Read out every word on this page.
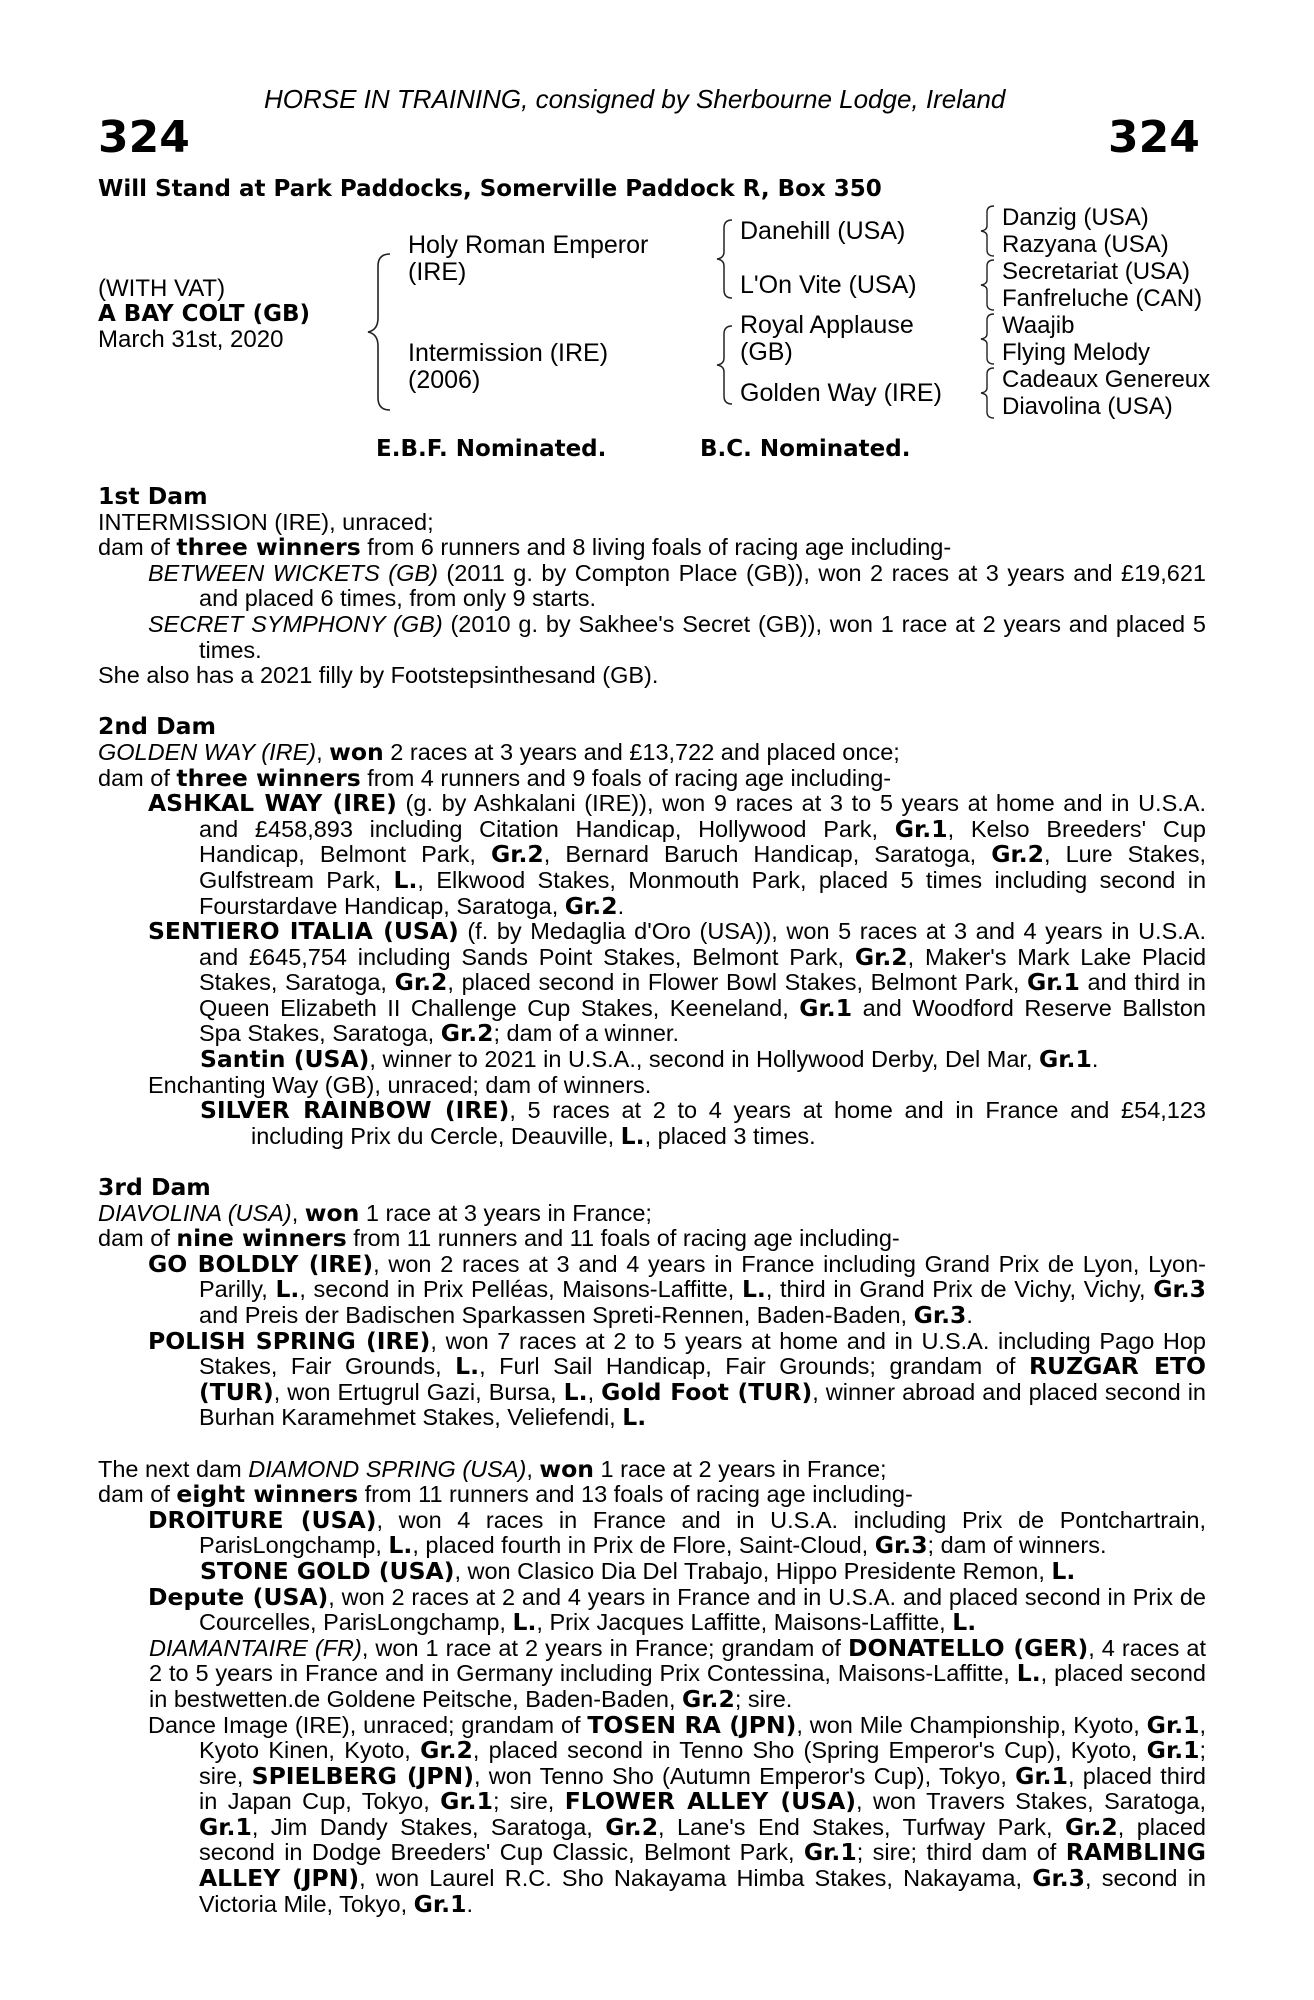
HORSE IN TRAINING, consigned by Sherbourne Lodge, Ireland
324	324
Will Stand at Park Paddocks, Somerville Paddock R, Box 350
(WITH VAT)
A BAY COLT (GB)
March 31st, 2020
Holy Roman Emperor
(IRE)
Intermission (IRE)
(2006)
Danehill (USA)
L'On Vite (USA)
Royal Applause
(GB)
Golden Way (IRE)
Danzig (USA)
Razyana (USA)
Secretariat (USA)
Fanfreluche (CAN)
Waajib
Flying Melody
Cadeaux Genereux
Diavolina (USA)
E.B.F. Nominated.	B.C. Nominated.

1st Dam

INTERMISSION (IRE), unraced;

dam of three winners from 6 runners and 8 living foals of racing age including-

BETWEEN WICKETS (GB) (2011 g. by Compton Place (GB)), won 2 races at 3 years and £19,621 and placed 6 times, from only 9 starts.

SECRET SYMPHONY (GB) (2010 g. by Sakhee's Secret (GB)), won 1 race at 2 years and placed 5 times.

She also has a 2021 filly by Footstepsinthesand (GB).

2nd Dam

GOLDEN WAY (IRE), won 2 races at 3 years and £13,722 and placed once;

dam of three winners from 4 runners and 9 foals of racing age including-

ASHKAL WAY (IRE) (g. by Ashkalani (IRE)), won 9 races at 3 to 5 years at home and in U.S.A. and £458,893 including Citation Handicap, Hollywood Park, Gr.1, Kelso Breeders' Cup Handicap, Belmont Park, Gr.2, Bernard Baruch Handicap, Saratoga, Gr.2, Lure Stakes, Gulfstream Park, L., Elkwood Stakes, Monmouth Park, placed 5 times including second in Fourstardave Handicap, Saratoga, Gr.2.

SENTIERO ITALIA (USA) (f. by Medaglia d'Oro (USA)), won 5 races at 3 and 4 years in U.S.A. and £645,754 including Sands Point Stakes, Belmont Park, Gr.2, Maker's Mark Lake Placid Stakes, Saratoga, Gr.2, placed second in Flower Bowl Stakes, Belmont Park, Gr.1 and third in Queen Elizabeth II Challenge Cup Stakes, Keeneland, Gr.1 and Woodford Reserve Ballston Spa Stakes, Saratoga, Gr.2; dam of a winner.

Santin (USA), winner to 2021 in U.S.A., second in Hollywood Derby, Del Mar, Gr.1.

Enchanting Way (GB), unraced; dam of winners.

SILVER RAINBOW (IRE), 5 races at 2 to 4 years at home and in France and £54,123 including Prix du Cercle, Deauville, L., placed 3 times.

3rd Dam

DIAVOLINA (USA), won 1 race at 3 years in France;

dam of nine winners from 11 runners and 11 foals of racing age including-

GO BOLDLY (IRE), won 2 races at 3 and 4 years in France including Grand Prix de Lyon, Lyon-Parilly, L., second in Prix Pelléas, Maisons-Laffitte, L., third in Grand Prix de Vichy, Vichy, Gr.3 and Preis der Badischen Sparkassen Spreti-Rennen, Baden-Baden, Gr.3.

POLISH SPRING (IRE), won 7 races at 2 to 5 years at home and in U.S.A. including Pago Hop Stakes, Fair Grounds, L., Furl Sail Handicap, Fair Grounds; grandam of RUZGAR ETO (TUR), won Ertugrul Gazi, Bursa, L., Gold Foot (TUR), winner abroad and placed second in Burhan Karamehmet Stakes, Veliefendi, L.

The next dam DIAMOND SPRING (USA), won 1 race at 2 years in France;

dam of eight winners from 11 runners and 13 foals of racing age including-

DROITURE (USA), won 4 races in France and in U.S.A. including Prix de Pontchartrain, ParisLongchamp, L., placed fourth in Prix de Flore, Saint-Cloud, Gr.3; dam of winners.

STONE GOLD (USA), won Clasico Dia Del Trabajo, Hippo Presidente Remon, L.

Depute (USA), won 2 races at 2 and 4 years in France and in U.S.A. and placed second in Prix de Courcelles, ParisLongchamp, L., Prix Jacques Laffitte, Maisons-Laffitte, L.

DIAMANTAIRE (FR), won 1 race at 2 years in France; grandam of DONATELLO (GER), 4 races at 2 to 5 years in France and in Germany including Prix Contessina, Maisons-Laffitte, L., placed second in bestwetten.de Goldene Peitsche, Baden-Baden, Gr.2; sire.

Dance Image (IRE), unraced; grandam of TOSEN RA (JPN), won Mile Championship, Kyoto, Gr.1, Kyoto Kinen, Kyoto, Gr.2, placed second in Tenno Sho (Spring Emperor's Cup), Kyoto, Gr.1; sire, SPIELBERG (JPN), won Tenno Sho (Autumn Emperor's Cup), Tokyo, Gr.1, placed third in Japan Cup, Tokyo, Gr.1; sire, FLOWER ALLEY (USA), won Travers Stakes, Saratoga, Gr.1, Jim Dandy Stakes, Saratoga, Gr.2, Lane's End Stakes, Turfway Park, Gr.2, placed second in Dodge Breeders' Cup Classic, Belmont Park, Gr.1; sire; third dam of RAMBLING ALLEY (JPN), won Laurel R.C. Sho Nakayama Himba Stakes, Nakayama, Gr.3, second in Victoria Mile, Tokyo, Gr.1.
